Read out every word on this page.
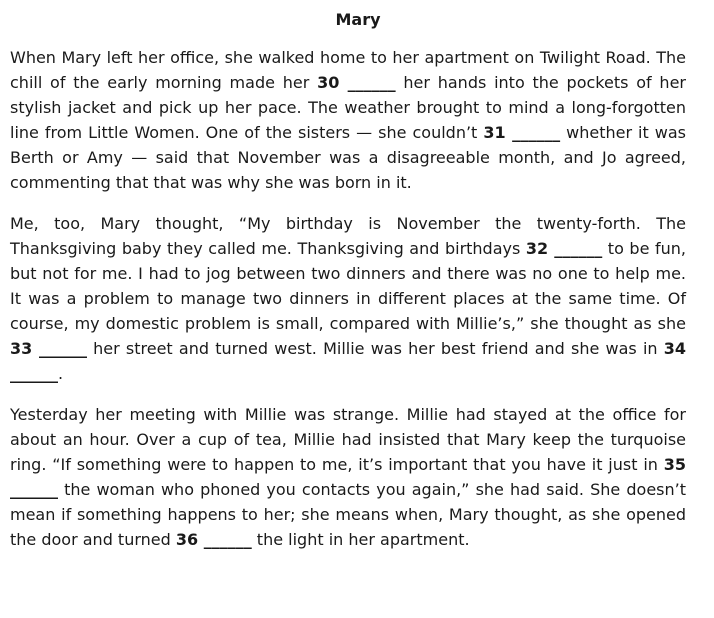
Mary

When Mary left her office, she walked home to her apartment on Twilight Road. The chill of the early morning made her 30 ______ her hands into the pockets of her stylish jacket and pick up her pace. The weather brought to mind a long-forgotten line from Little Women. One of the sisters — she couldn’t 31 ______ whether it was Berth or Amy — said that November was a disagreeable month, and Jo agreed, commenting that that was why she was born in it.

Me, too, Mary thought, “My birthday is November the twenty-forth. The Thanksgiving baby they called me. Thanksgiving and birthdays 32 ______ to be fun, but not for me. I had to jog between two dinners and there was no one to help me. It was a problem to manage two dinners in different places at the same time. Of course, my domestic problem is small, compared with Millie’s,” she thought as she 33 ______ her street and turned west. Millie was her best friend and she was in 34 ______.

Yesterday her meeting with Millie was strange. Millie had stayed at the office for about an hour. Over a cup of tea, Millie had insisted that Mary keep the turquoise ring. “If something were to happen to me, it’s important that you have it just in 35 ______ the woman who phoned you contacts you again,” she had said. She doesn’t mean if something happens to her; she means when, Mary thought, as she opened the door and turned 36 ______ the light in her apartment.
